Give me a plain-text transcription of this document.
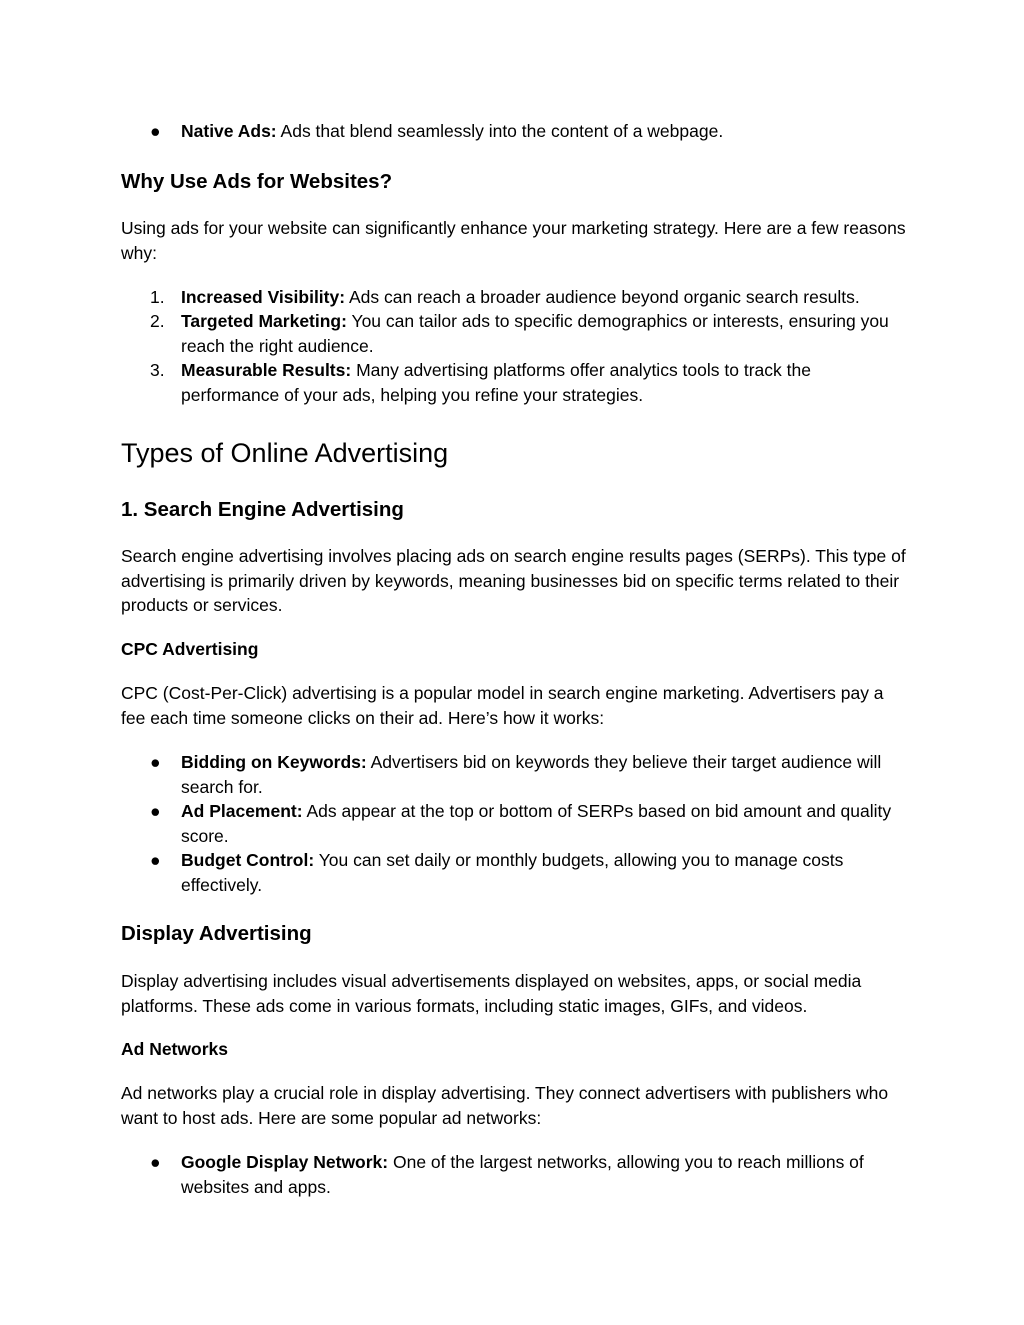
●	Native Ads: Ads that blend seamlessly into the content of a webpage.
Why Use Ads for Websites?

Using ads for your website can significantly enhance your marketing strategy. Here are a few reasons why:

1. Increased Visibility: Ads can reach a broader audience beyond organic search results.
2. Targeted Marketing: You can tailor ads to specific demographics or interests, ensuring you reach the right audience.
3. Measurable Results: Many advertising platforms offer analytics tools to track the performance of your ads, helping you refine your strategies.
Types of Online Advertising
1. Search Engine Advertising

Search engine advertising involves placing ads on search engine results pages (SERPs). This type of advertising is primarily driven by keywords, meaning businesses bid on specific terms related to their products or services.

CPC Advertising

CPC (Cost-Per-Click) advertising is a popular model in search engine marketing. Advertisers pay a fee each time someone clicks on their ad. Here’s how it works:

●	Bidding on Keywords: Advertisers bid on keywords they believe their target audience will search for.
●	Ad Placement: Ads appear at the top or bottom of SERPs based on bid amount and quality score.
●	Budget Control: You can set daily or monthly budgets, allowing you to manage costs effectively.
Display Advertising

Display advertising includes visual advertisements displayed on websites, apps, or social media platforms. These ads come in various formats, including static images, GIFs, and videos.

Ad Networks

Ad networks play a crucial role in display advertising. They connect advertisers with publishers who want to host ads. Here are some popular ad networks:

●	Google Display Network: One of the largest networks, allowing you to reach millions of websites and apps.
